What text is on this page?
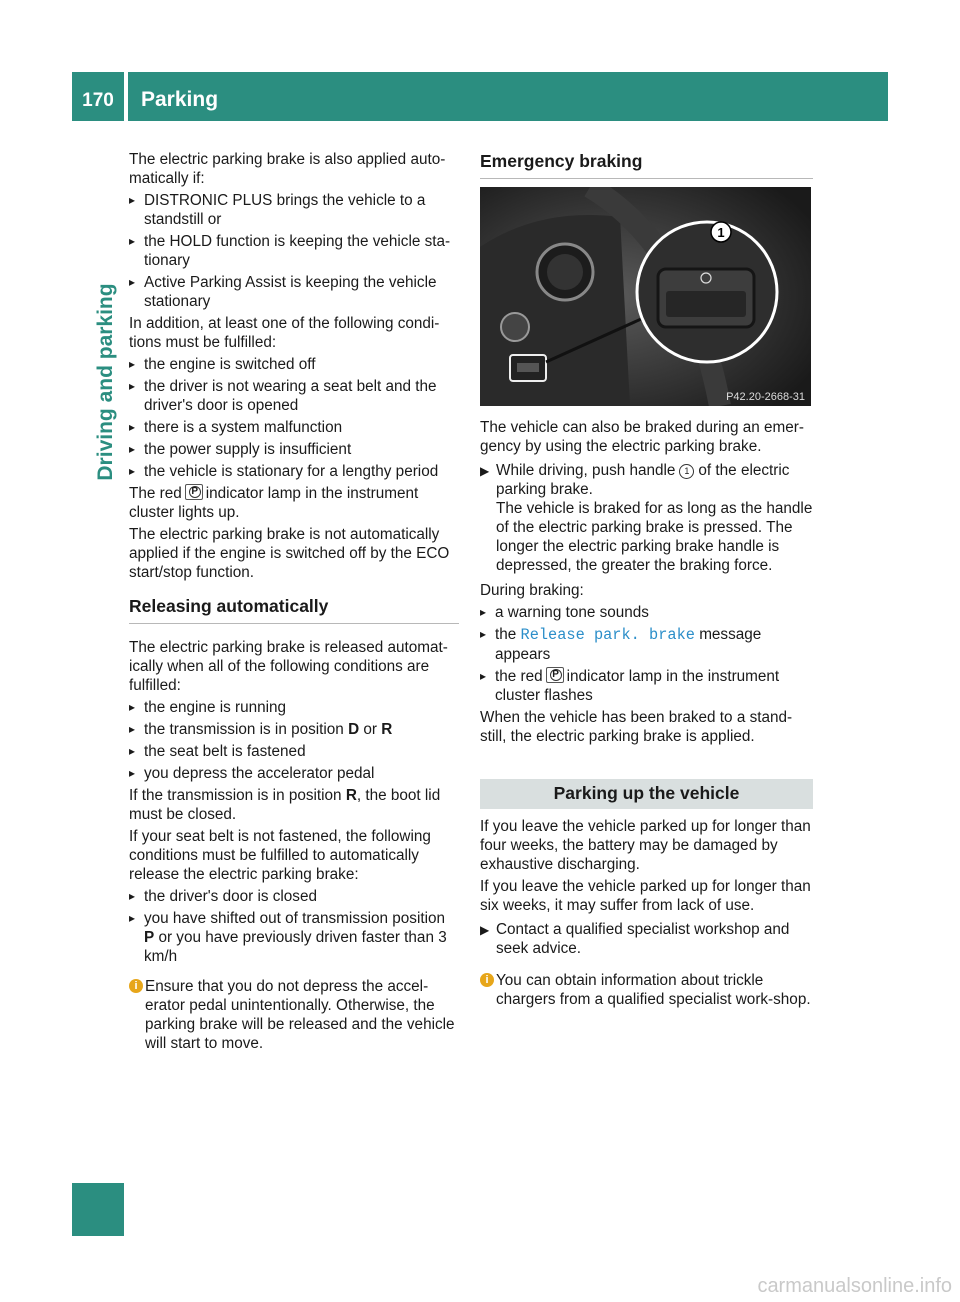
170	Parking
Driving and parking

The electric parking brake is also applied auto-matically if:

▸ DISTRONIC PLUS brings the vehicle to a standstill or
▸ the HOLD function is keeping the vehicle sta-tionary
▸ Active Parking Assist is keeping the vehicle stationary

In addition, at least one of the following condi-tions must be fulfilled:

▸ the engine is switched off
▸ the driver is not wearing a seat belt and the driver's door is opened
▸ there is a system malfunction
▸ the power supply is insufficient
▸ the vehicle is stationary for a lengthy period

The red P indicator lamp in the instrument cluster lights up.

The electric parking brake is not automatically applied if the engine is switched off by the ECO start/stop function.

Releasing automatically

The electric parking brake is released automat-ically when all of the following conditions are fulfilled:

▸ the engine is running
▸ the transmission is in position D or R
▸ the seat belt is fastened
▸ you depress the accelerator pedal

If the transmission is in position R, the boot lid must be closed.

If your seat belt is not fastened, the following conditions must be fulfilled to automatically release the electric parking brake:

▸ the driver's door is closed
▸ you have shifted out of transmission position P or you have previously driven faster than 3 km/h
i Ensure that you do not depress the accel-erator pedal unintentionally. Otherwise, the parking brake will be released and the vehicle will start to move.
Emergency braking
1
P42.20-2668-31

The vehicle can also be braked during an emer-gency by using the electric parking brake.

▶︎ While driving, push handle 1 of the electric parking brake.
The vehicle is braked for as long as the handle of the electric parking brake is pressed. The longer the electric parking brake handle is depressed, the greater the braking force.

During braking:

▸ a warning tone sounds
▸ the Release park. brake message appears
▸ the red P indicator lamp in the instrument cluster flashes

When the vehicle has been braked to a stand-still, the electric parking brake is applied.

Parking up the vehicle

If you leave the vehicle parked up for longer than four weeks, the battery may be damaged by exhaustive discharging.

If you leave the vehicle parked up for longer than six weeks, it may suffer from lack of use.

▶︎ Contact a qualified specialist workshop and seek advice.
i You can obtain information about trickle chargers from a qualified specialist work-shop.
carmanualsonline.info
